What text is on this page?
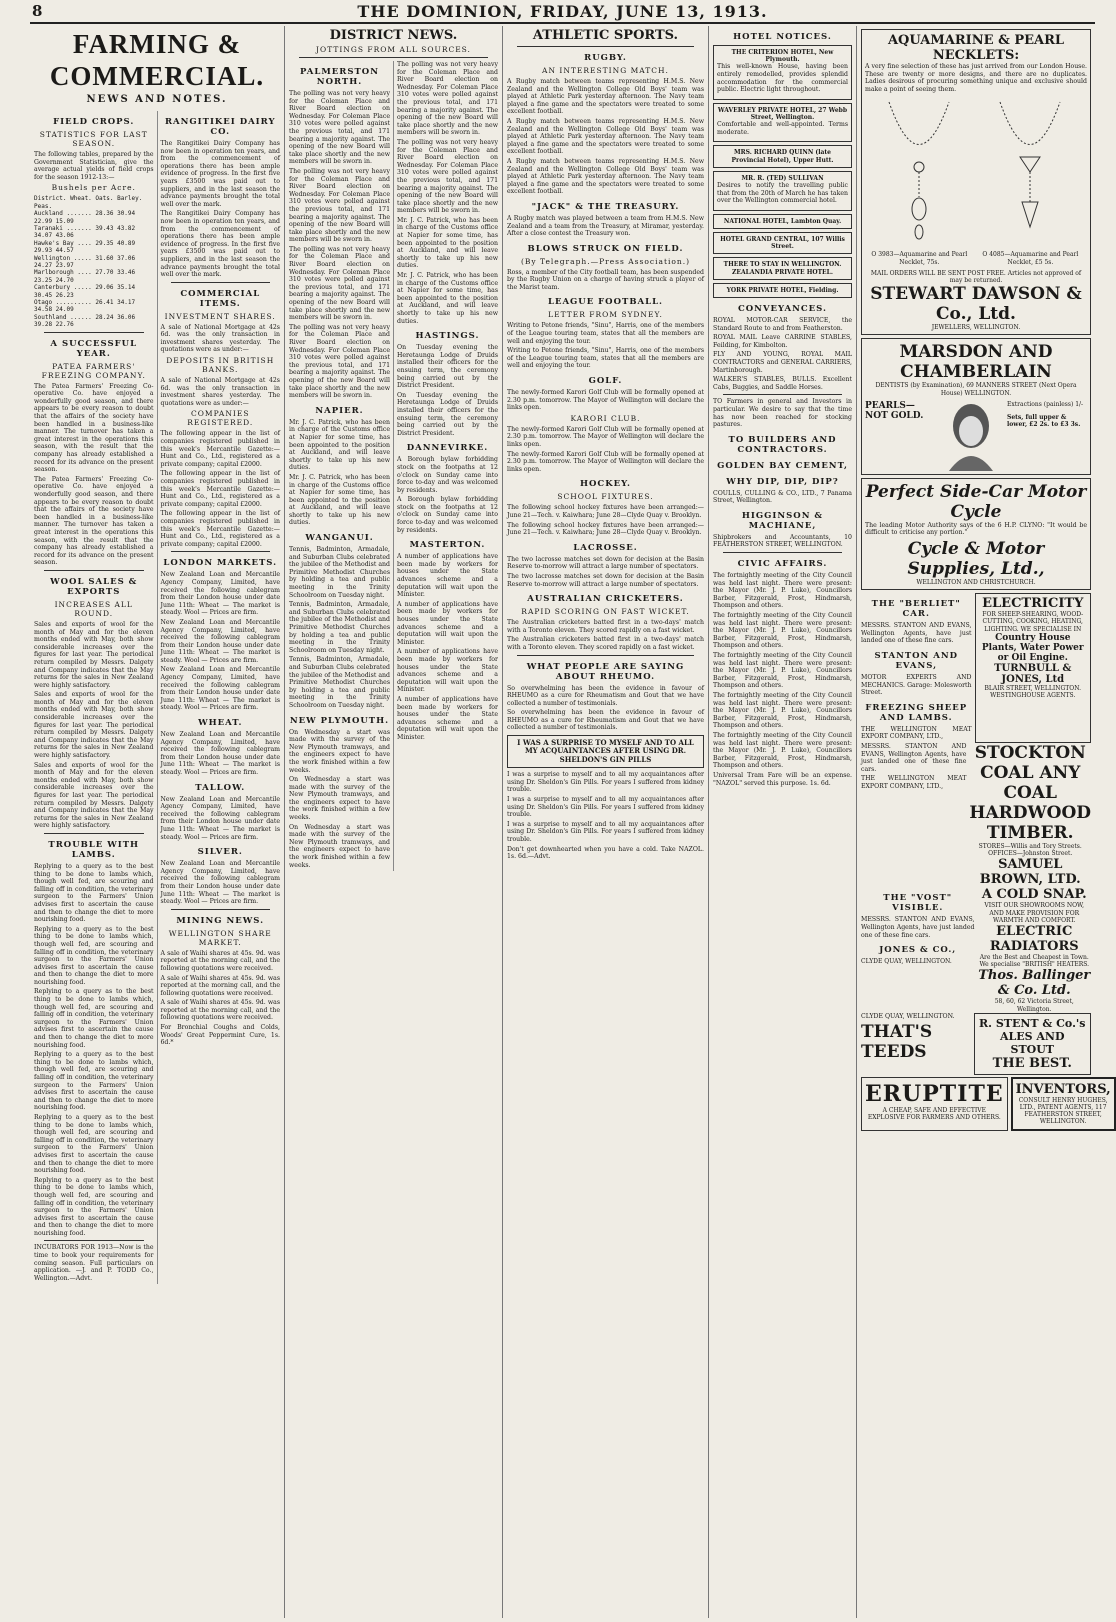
8	THE DOMINION, FRIDAY, JUNE 13, 1913.
FARMING & COMMERCIAL.
NEWS AND NOTES.
FIELD CROPS.
STATISTICS FOR LAST SEASON.

The following tables, prepared by the Government Statistician, give the average actual yields of field crops for the season 1912-13:—

Bushels per Acre.
District. Wheat. Oats. Barley. Peas.
Auckland ....... 28.36 30.94 22.99 15.09
Taranaki ....... 39.43 43.82 34.07 43.06
Hawke's Bay .... 29.35 40.89 29.93 44.57
Wellington ..... 31.60 37.06 24.27 23.97
Marlborough .... 27.70 33.46 23.25 24.70
Canterbury ..... 29.06 35.14 30.45 26.23
Otago .......... 26.41 34.17 34.58 24.09
Southland ...... 28.24 36.06 39.28 22.76
A SUCCESSFUL YEAR.
PATEA FARMERS' FREEZING COMPANY.

The Patea Farmers' Freezing Co-operative Co. have enjoyed a wonderfully good season, and there appears to be every reason to doubt that the affairs of the society have been handled in a business-like manner. The turnover has taken a great interest in the operations this season, with the result that the company has already established a record for its advance on the present season.

The Patea Farmers' Freezing Co-operative Co. have enjoyed a wonderfully good season, and there appears to be every reason to doubt that the affairs of the society have been handled in a business-like manner. The turnover has taken a great interest in the operations this season, with the result that the company has already established a record for its advance on the present season.

WOOL SALES & EXPORTS
INCREASES ALL ROUND.

Sales and exports of wool for the month of May and for the eleven months ended with May, both show considerable increases over the figures for last year. The periodical return compiled by Messrs. Dalgety and Company indicates that the May returns for the sales in New Zealand were highly satisfactory.

Sales and exports of wool for the month of May and for the eleven months ended with May, both show considerable increases over the figures for last year. The periodical return compiled by Messrs. Dalgety and Company indicates that the May returns for the sales in New Zealand were highly satisfactory.

Sales and exports of wool for the month of May and for the eleven months ended with May, both show considerable increases over the figures for last year. The periodical return compiled by Messrs. Dalgety and Company indicates that the May returns for the sales in New Zealand were highly satisfactory.

TROUBLE WITH LAMBS.

Replying to a query as to the best thing to be done to lambs which, though well fed, are scouring and falling off in condition, the veterinary surgeon to the Farmers' Union advises first to ascertain the cause and then to change the diet to more nourishing food.

Replying to a query as to the best thing to be done to lambs which, though well fed, are scouring and falling off in condition, the veterinary surgeon to the Farmers' Union advises first to ascertain the cause and then to change the diet to more nourishing food.

Replying to a query as to the best thing to be done to lambs which, though well fed, are scouring and falling off in condition, the veterinary surgeon to the Farmers' Union advises first to ascertain the cause and then to change the diet to more nourishing food.

Replying to a query as to the best thing to be done to lambs which, though well fed, are scouring and falling off in condition, the veterinary surgeon to the Farmers' Union advises first to ascertain the cause and then to change the diet to more nourishing food.

Replying to a query as to the best thing to be done to lambs which, though well fed, are scouring and falling off in condition, the veterinary surgeon to the Farmers' Union advises first to ascertain the cause and then to change the diet to more nourishing food.

Replying to a query as to the best thing to be done to lambs which, though well fed, are scouring and falling off in condition, the veterinary surgeon to the Farmers' Union advises first to ascertain the cause and then to change the diet to more nourishing food.

INCUBATORS FOR 1913—Now is the time to book your requirements for coming season. Full particulars on application. —J. and P. TODD Co., Wellington.—Advt.

RANGITIKEI DAIRY CO.

The Rangitikei Dairy Company has now been in operation ten years, and from the commencement of operations there has been ample evidence of progress. In the first five years £3500 was paid out to suppliers, and in the last season the advance payments brought the total well over the mark.

The Rangitikei Dairy Company has now been in operation ten years, and from the commencement of operations there has been ample evidence of progress. In the first five years £3500 was paid out to suppliers, and in the last season the advance payments brought the total well over the mark.

COMMERCIAL ITEMS.
INVESTMENT SHARES.

A sale of National Mortgage at 42s 6d. was the only transaction in investment shares yesterday. The quotations were as under:—

DEPOSITS IN BRITISH BANKS.

A sale of National Mortgage at 42s 6d. was the only transaction in investment shares yesterday. The quotations were as under:—

COMPANIES REGISTERED.

The following appear in the list of companies registered published in this week's Mercantile Gazette:— Hunt and Co., Ltd., registered as a private company; capital £2000.

The following appear in the list of companies registered published in this week's Mercantile Gazette:— Hunt and Co., Ltd., registered as a private company; capital £2000.

The following appear in the list of companies registered published in this week's Mercantile Gazette:— Hunt and Co., Ltd., registered as a private company; capital £2000.

LONDON MARKETS.

New Zealand Loan and Mercantile Agency Company, Limited, have received the following cablegram from their London house under date June 11th: Wheat — The market is steady. Wool — Prices are firm.

New Zealand Loan and Mercantile Agency Company, Limited, have received the following cablegram from their London house under date June 11th: Wheat — The market is steady. Wool — Prices are firm.

New Zealand Loan and Mercantile Agency Company, Limited, have received the following cablegram from their London house under date June 11th: Wheat — The market is steady. Wool — Prices are firm.

WHEAT.

New Zealand Loan and Mercantile Agency Company, Limited, have received the following cablegram from their London house under date June 11th: Wheat — The market is steady. Wool — Prices are firm.

TALLOW.

New Zealand Loan and Mercantile Agency Company, Limited, have received the following cablegram from their London house under date June 11th: Wheat — The market is steady. Wool — Prices are firm.

SILVER.

New Zealand Loan and Mercantile Agency Company, Limited, have received the following cablegram from their London house under date June 11th: Wheat — The market is steady. Wool — Prices are firm.

MINING NEWS.
WELLINGTON SHARE MARKET.

A sale of Waihi shares at 45s. 9d. was reported at the morning call, and the following quotations were received.

A sale of Waihi shares at 45s. 9d. was reported at the morning call, and the following quotations were received.

A sale of Waihi shares at 45s. 9d. was reported at the morning call, and the following quotations were received.

For Bronchial Coughs and Colds, Woods' Great Peppermint Cure, 1s. 6d.*

DISTRICT NEWS.
JOTTINGS FROM ALL SOURCES.
PALMERSTON NORTH.

The polling was not very heavy for the Coleman Place and River Board election on Wednesday. For Coleman Place 310 votes were polled against the previous total, and 171 bearing a majority against. The opening of the new Board will take place shortly and the new members will be sworn in.

The polling was not very heavy for the Coleman Place and River Board election on Wednesday. For Coleman Place 310 votes were polled against the previous total, and 171 bearing a majority against. The opening of the new Board will take place shortly and the new members will be sworn in.

The polling was not very heavy for the Coleman Place and River Board election on Wednesday. For Coleman Place 310 votes were polled against the previous total, and 171 bearing a majority against. The opening of the new Board will take place shortly and the new members will be sworn in.

The polling was not very heavy for the Coleman Place and River Board election on Wednesday. For Coleman Place 310 votes were polled against the previous total, and 171 bearing a majority against. The opening of the new Board will take place shortly and the new members will be sworn in.

NAPIER.

Mr. J. C. Patrick, who has been in charge of the Customs office at Napier for some time, has been appointed to the position at Auckland, and will leave shortly to take up his new duties.

Mr. J. C. Patrick, who has been in charge of the Customs office at Napier for some time, has been appointed to the position at Auckland, and will leave shortly to take up his new duties.

WANGANUI.

Tennis, Badminton, Armadale, and Suburban Clubs celebrated the jubilee of the Methodist and Primitive Methodist Churches by holding a tea and public meeting in the Trinity Schoolroom on Tuesday night.

Tennis, Badminton, Armadale, and Suburban Clubs celebrated the jubilee of the Methodist and Primitive Methodist Churches by holding a tea and public meeting in the Trinity Schoolroom on Tuesday night.

Tennis, Badminton, Armadale, and Suburban Clubs celebrated the jubilee of the Methodist and Primitive Methodist Churches by holding a tea and public meeting in the Trinity Schoolroom on Tuesday night.

NEW PLYMOUTH.

On Wednesday a start was made with the survey of the New Plymouth tramways, and the engineers expect to have the work finished within a few weeks.

On Wednesday a start was made with the survey of the New Plymouth tramways, and the engineers expect to have the work finished within a few weeks.

On Wednesday a start was made with the survey of the New Plymouth tramways, and the engineers expect to have the work finished within a few weeks.

The polling was not very heavy for the Coleman Place and River Board election on Wednesday. For Coleman Place 310 votes were polled against the previous total, and 171 bearing a majority against. The opening of the new Board will take place shortly and the new members will be sworn in.

The polling was not very heavy for the Coleman Place and River Board election on Wednesday. For Coleman Place 310 votes were polled against the previous total, and 171 bearing a majority against. The opening of the new Board will take place shortly and the new members will be sworn in.

Mr. J. C. Patrick, who has been in charge of the Customs office at Napier for some time, has been appointed to the position at Auckland, and will leave shortly to take up his new duties.

Mr. J. C. Patrick, who has been in charge of the Customs office at Napier for some time, has been appointed to the position at Auckland, and will leave shortly to take up his new duties.

HASTINGS.

On Tuesday evening the Heretaunga Lodge of Druids installed their officers for the ensuing term, the ceremony being carried out by the District President.

On Tuesday evening the Heretaunga Lodge of Druids installed their officers for the ensuing term, the ceremony being carried out by the District President.

DANNEVIRKE.

A Borough bylaw forbidding stock on the footpaths at 12 o'clock on Sunday came into force to-day and was welcomed by residents.

A Borough bylaw forbidding stock on the footpaths at 12 o'clock on Sunday came into force to-day and was welcomed by residents.

MASTERTON.

A number of applications have been made by workers for houses under the State advances scheme and a deputation will wait upon the Minister.

A number of applications have been made by workers for houses under the State advances scheme and a deputation will wait upon the Minister.

A number of applications have been made by workers for houses under the State advances scheme and a deputation will wait upon the Minister.

A number of applications have been made by workers for houses under the State advances scheme and a deputation will wait upon the Minister.

ATHLETIC SPORTS.
RUGBY.
AN INTERESTING MATCH.

A Rugby match between teams representing H.M.S. New Zealand and the Wellington College Old Boys' team was played at Athletic Park yesterday afternoon. The Navy team played a fine game and the spectators were treated to some excellent football.

A Rugby match between teams representing H.M.S. New Zealand and the Wellington College Old Boys' team was played at Athletic Park yesterday afternoon. The Navy team played a fine game and the spectators were treated to some excellent football.

A Rugby match between teams representing H.M.S. New Zealand and the Wellington College Old Boys' team was played at Athletic Park yesterday afternoon. The Navy team played a fine game and the spectators were treated to some excellent football.

"JACK" & THE TREASURY.

A Rugby match was played between a team from H.M.S. New Zealand and a team from the Treasury, at Miramar, yesterday. After a close contest the Treasury won.

BLOWS STRUCK ON FIELD.
(By Telegraph.—Press Association.)

Ross, a member of the City football team, has been suspended by the Rugby Union on a charge of having struck a player of the Marist team.

LEAGUE FOOTBALL.
LETTER FROM SYDNEY.

Writing to Petone friends, "Sinu", Harris, one of the members of the League touring team, states that all the members are well and enjoying the tour.

Writing to Petone friends, "Sinu", Harris, one of the members of the League touring team, states that all the members are well and enjoying the tour.

GOLF.

The newly-formed Karori Golf Club will be formally opened at 2.30 p.m. tomorrow. The Mayor of Wellington will declare the links open.

KARORI CLUB.

The newly-formed Karori Golf Club will be formally opened at 2.30 p.m. tomorrow. The Mayor of Wellington will declare the links open.

The newly-formed Karori Golf Club will be formally opened at 2.30 p.m. tomorrow. The Mayor of Wellington will declare the links open.

HOCKEY.
SCHOOL FIXTURES.

The following school hockey fixtures have been arranged:— June 21—Tech. v. Kaiwhara; June 28—Clyde Quay v. Brooklyn.

The following school hockey fixtures have been arranged:— June 21—Tech. v. Kaiwhara; June 28—Clyde Quay v. Brooklyn.

LACROSSE.

The two lacrosse matches set down for decision at the Basin Reserve to-morrow will attract a large number of spectators.

The two lacrosse matches set down for decision at the Basin Reserve to-morrow will attract a large number of spectators.

AUSTRALIAN CRICKETERS.
RAPID SCORING ON FAST WICKET.

The Australian cricketers batted first in a two-days' match with a Toronto eleven. They scored rapidly on a fast wicket.

The Australian cricketers batted first in a two-days' match with a Toronto eleven. They scored rapidly on a fast wicket.

WHAT PEOPLE ARE SAYING ABOUT RHEUMO.

So overwhelming has been the evidence in favour of RHEUMO as a cure for Rheumatism and Gout that we have collected a number of testimonials.

So overwhelming has been the evidence in favour of RHEUMO as a cure for Rheumatism and Gout that we have collected a number of testimonials.

I WAS A SURPRISE TO MYSELF AND TO ALL MY ACQUAINTANCES AFTER USING DR. SHELDON'S GIN PILLS

I was a surprise to myself and to all my acquaintances after using Dr. Sheldon's Gin Pills. For years I suffered from kidney trouble.

I was a surprise to myself and to all my acquaintances after using Dr. Sheldon's Gin Pills. For years I suffered from kidney trouble.

I was a surprise to myself and to all my acquaintances after using Dr. Sheldon's Gin Pills. For years I suffered from kidney trouble.

Don't get downhearted when you have a cold. Take NAZOL. 1s. 6d.—Advt.

HOTEL NOTICES.
THE CRITERION HOTEL, New Plymouth.

This well-known House, having been entirely remodelled, provides splendid accommodation for the commercial public. Electric light throughout.

WAVERLEY PRIVATE HOTEL, 27 Webb Street, Wellington.

Comfortable and well-appointed. Terms moderate.

MRS. RICHARD QUINN (late Provincial Hotel), Upper Hutt.
MR. R. (TED) SULLIVAN

Desires to notify the travelling public that from the 20th of March he has taken over the Wellington commercial hotel.

NATIONAL HOTEL, Lambton Quay.
HOTEL GRAND CENTRAL, 107 Willis Street.
THERE TO STAY IN WELLINGTON. ZEALANDIA PRIVATE HOTEL.
YORK PRIVATE HOTEL, Fielding.
CONVEYANCES.

ROYAL MOTOR-CAR SERVICE, the Standard Route to and from Featherston.

ROYAL MAIL Leave CARRINE STABLES, Feilding, for Kimbolton.

FLY AND YOUNG, ROYAL MAIL CONTRACTORS and GENERAL CARRIERS, Martinborough.

WALKER'S STABLES, BULLS. Excellent Cabs, Buggies, and Saddle Horses.

TO Farmers in general and Investors in particular. We desire to say that the time has now been reached for stocking pastures.

TO BUILDERS AND CONTRACTORS.
GOLDEN BAY CEMENT,
WHY DIP, DIP, DIP?

COULLS, CULLING & CO., LTD., 7 Panama Street, Wellington.

HIGGINSON & MACHIANE,

Shipbrokers and Accountants, 10 FEATHERSTON STREET, WELLINGTON.

CIVIC AFFAIRS.

The fortnightly meeting of the City Council was held last night. There were present: the Mayor (Mr. J. P. Luke), Councillors Barber, Fitzgerald, Frost, Hindmarsh, Thompson and others.

The fortnightly meeting of the City Council was held last night. There were present: the Mayor (Mr. J. P. Luke), Councillors Barber, Fitzgerald, Frost, Hindmarsh, Thompson and others.

The fortnightly meeting of the City Council was held last night. There were present: the Mayor (Mr. J. P. Luke), Councillors Barber, Fitzgerald, Frost, Hindmarsh, Thompson and others.

The fortnightly meeting of the City Council was held last night. There were present: the Mayor (Mr. J. P. Luke), Councillors Barber, Fitzgerald, Frost, Hindmarsh, Thompson and others.

The fortnightly meeting of the City Council was held last night. There were present: the Mayor (Mr. J. P. Luke), Councillors Barber, Fitzgerald, Frost, Hindmarsh, Thompson and others.

Universal Tram Fare will be an expense. "NAZOL" served this purpose. 1s. 6d.

AQUAMARINE & PEARL NECKLETS:

A very fine selection of these has just arrived from our London House. These are twenty or more designs, and there are no duplicates. Ladies desirous of procuring something unique and exclusive should make a point of seeing them.

O 3983—Aquamarine and Pearl Necklet, 75s.
O 4085—Aquamarine and Pearl Necklet, £5 5s.
MAIL ORDERS WILL BE SENT POST FREE. Articles not approved of may be returned.
STEWART DAWSON & Co., Ltd.
JEWELLERS, WELLINGTON.
MARSDON AND CHAMBERLAIN
DENTISTS (by Examination), 69 MANNERS STREET (Next Opera House) WELLINGTON.
PEARLS— NOT GOLD.
Extractions (painless) 1/-
Sets, full upper & lower, £2 2s. to £3 3s.
Perfect Side-Car Motor Cycle

The leading Motor Authority says of the 6 H.P. CLYNO: "It would be difficult to criticise any portion."

Cycle & Motor Supplies, Ltd.,
WELLINGTON AND CHRISTCHURCH.
THE "BERLIET" CAR.

MESSRS. STANTON AND EVANS, Wellington Agents, have just landed one of these fine cars.

STANTON AND EVANS,

MOTOR EXPERTS AND MECHANICS. Garage: Molesworth Street.

FREEZING SHEEP AND LAMBS.

THE WELLINGTON MEAT EXPORT COMPANY, LTD.,

ELECTRICITY
FOR SHEEP-SHEARING, WOOD-CUTTING, COOKING, HEATING, LIGHTING. WE SPECIALISE IN
Country House Plants, Water Power or Oil Engine.
TURNBULL & JONES, Ltd
BLAIR STREET, WELLINGTON. WESTINGHOUSE AGENTS.

MESSRS. STANTON AND EVANS, Wellington Agents, have just landed one of these fine cars.

THE WELLINGTON MEAT EXPORT COMPANY, LTD.,

STOCKTON COAL ANY COAL HARDWOOD TIMBER.
STORES—Willis and Tory Streets. OFFICES—Johnston Street.
SAMUEL BROWN, LTD.
THE "VOST" VISIBLE.

MESSRS. STANTON AND EVANS, Wellington Agents, have just landed one of these fine cars.

JONES & CO.,
CLYDE QUAY, WELLINGTON.
A COLD SNAP.
VISIT OUR SHOWROOMS NOW, AND MAKE PROVISION FOR WARMTH AND COMFORT.
ELECTRIC RADIATORS
Are the Best and Cheapest in Town. We specialise "BRITISH" HEATERS.
Thos. Ballinger & Co. Ltd.
58, 60, 62 Victoria Street, Wellington.

CLYDE QUAY, WELLINGTON.

THAT'S TEEDS
R. STENT & Co.'s
ALES AND STOUT
THE BEST.
ERUPTITE
A CHEAP, SAFE AND EFFECTIVE EXPLOSIVE FOR FARMERS AND OTHERS.
INVENTORS,
CONSULT HENRY HUGHES, LTD., PATENT AGENTS, 117 FEATHERSTON STREET, WELLINGTON.
